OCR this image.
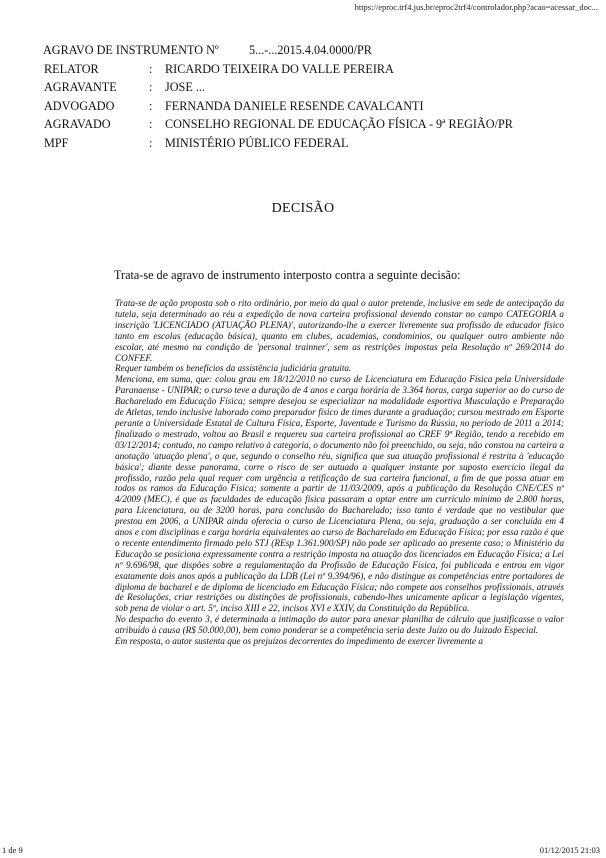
https://eproc.trf4.jus.br/eproc2trf4/controlador.php?acao=acessar_doc...
AGRAVO DE INSTRUMENTO Nº 5...-...2015.4.04.0000/PR
RELATOR	: RICARDO TEIXEIRA DO VALLE PEREIRA
AGRAVANTE	: JOSE ...
ADVOGADO	: FERNANDA DANIELE RESENDE CAVALCANTI
AGRAVADO	: CONSELHO REGIONAL DE EDUCAÇÃO FÍSICA - 9ª REGIÃO/PR
MPF	: MINISTÉRIO PÚBLICO FEDERAL
DECISÃO
Trata-se de agravo de instrumento interposto contra a seguinte decisão:

Trata-se de ação proposta sob o rito ordinário, por meio da qual o autor pretende, inclusive em sede de antecipação da tutela, seja determinado ao réu a expedição de nova carteira profissional devendo constar no campo CATEGORIA a inscrição 'LICENCIADO (ATUAÇÃO PLENA)', autorizando-lhe a exercer livremente sua profissão de educador físico tanto em escolas (educação básica), quanto em clubes, academias, condomínios, ou qualquer outro ambiente não escolar, até mesmo na condição de 'personal trainner', sem as restrições impostas pela Resolução nº 269/2014 do CONFEF.

Requer também os benefícios da assistência judiciária gratuita.

Menciona, em suma, que: colou grau em 18/12/2010 no curso de Licenciatura em Educação Física pela Universidade Paranaense - UNIPAR; o curso teve a duração de 4 anos e carga horária de 3.364 horas, carga superior ao do curso de Bacharelado em Educação Física; sempre desejou se especializar na modalidade esportiva Musculação e Preparação de Atletas, tendo inclusive laborado como preparador físico de times durante a graduação; cursou mestrado em Esporte perante a Universidade Estatal de Cultura Física, Esporte, Juventude e Turismo da Rússia, no período de 2011 a 2014; finalizado o mestrado, voltou ao Brasil e requereu sua carteira profissional ao CREF 9ª Região, tendo a recebido em 03/12/2014; contudo, no campo relativo à categoria, o documento não foi preenchido, ou seja, não constou na carteira a anotação 'atuação plena', o que, segundo o conselho réu, significa que sua atuação profissional é restrita à 'educação básica'; diante desse panorama, corre o risco de ser autuado a qualquer instante por suposto exercício ilegal da profissão, razão pela qual requer com urgência a retificação de sua carteira funcional, a fim de que possa atuar em todos os ramos da Educação Física; somente a partir de 11/03/2009, após a publicação da Resolução CNE/CES nº 4/2009 (MEC), é que as faculdades de educação física passaram a optar entre um currículo mínimo de 2.800 horas, para Licenciatura, ou de 3200 horas, para conclusão do Bacharelado; isso tanto é verdade que no vestibular que prestou em 2006, a UNIPAR ainda oferecia o curso de Licenciatura Plena, ou seja, graduação a ser concluída em 4 anos e com disciplinas e carga horária equivalentes ao curso de Bacharelado em Educação Física; por essa razão é que o recente entendimento firmado pelo STJ (REsp 1.361.900/SP) não pode ser aplicado ao presente caso; o Ministério da Educação se posiciona expressamente contra a restrição imposta na atuação dos licenciados em Educação Física; a Lei nº 9.696/98, que dispões sobre a regulamentação da Profissão de Educação Física, foi publicada e entrou em vigor exatamente dois anos após a publicação da LDB (Lei nº 9.394/96), e não distingue as competências entre portadores de diploma de bacharel e de diploma de licenciado em Educação Física; não compete aos conselhos profissionais, através de Resoluções, criar restrições ou distinções de profissionais, cabendo-lhes unicamente aplicar a legislação vigentes, sob pena de violar o art. 5º, inciso XIII e 22, incisos XVI e XXIV, da Constituição da República.

No despacho do evento 3, é determinada a intimação do autor para anexar planilha de cálculo que justificasse o valor atribuído à causa (R$ 50.000,00), bem como ponderar se a competência seria deste Juízo ou do Juizado Especial.

Em resposta, o autor sustenta que os prejuízos decorrentes do impedimento de exercer livremente a

1 de 9	01/12/2015 21:03
